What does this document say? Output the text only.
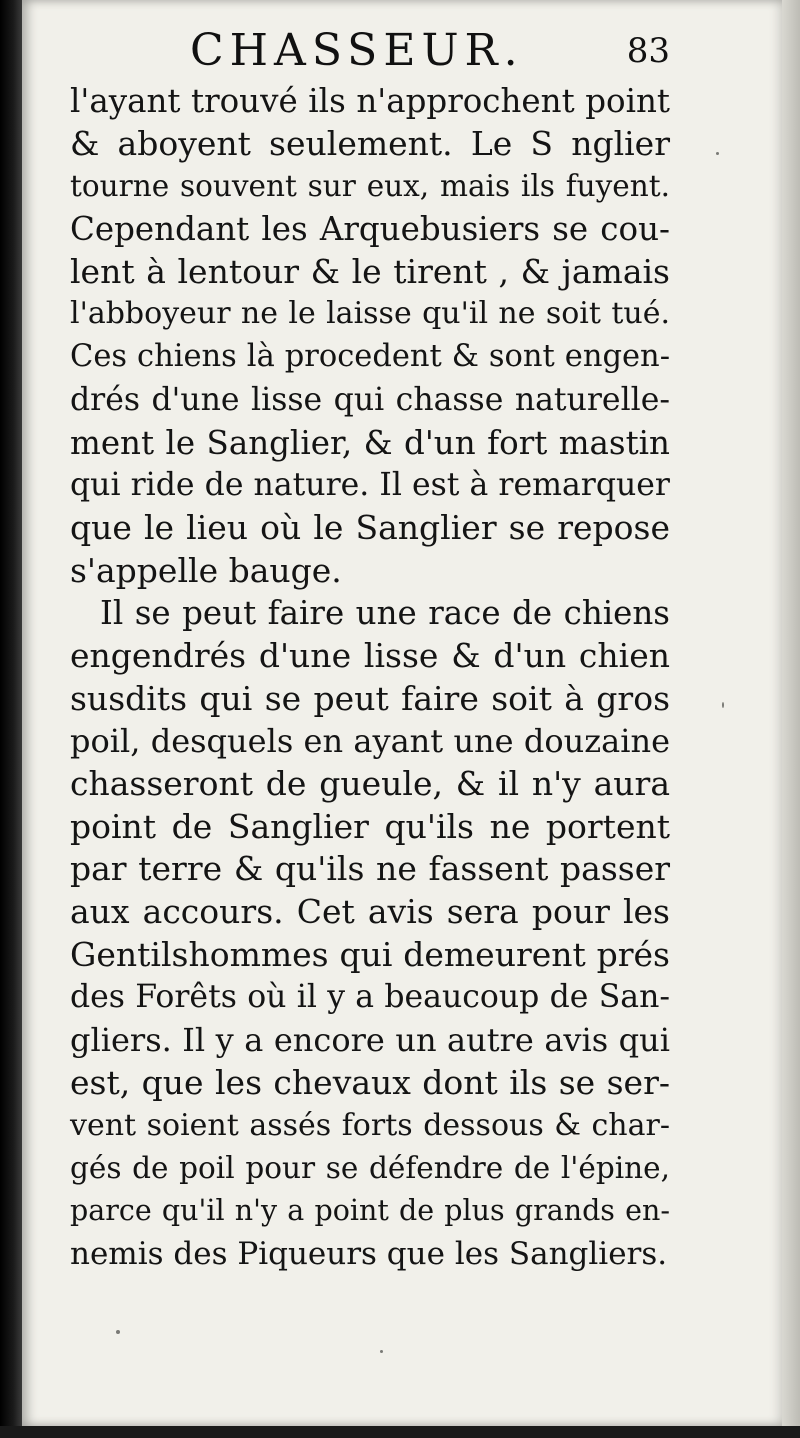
CHASSEUR.	83
l'ayant trouvé ils n'approchent point
& aboyent seulement. Le S nglier
tourne souvent sur eux, mais ils fuyent.
Cependant les Arquebusiers se cou-
lent à lentour & le tirent , & jamais
l'abboyeur ne le laisse qu'il ne soit tué.
Ces chiens là procedent & sont engen-
drés d'une lisse qui chasse naturelle-
ment le Sanglier, & d'un fort mastin
qui ride de nature. Il est à remarquer
que le lieu où le Sanglier se repose
s'appelle bauge.
Il se peut faire une race de chiens
engendrés d'une lisse & d'un chien
susdits qui se peut faire soit à gros
poil, desquels en ayant une douzaine
chasseront de gueule, & il n'y aura
point de Sanglier qu'ils ne portent
par terre & qu'ils ne fassent passer
aux accours. Cet avis sera pour les
Gentilshommes qui demeurent prés
des Forêts où il y a beaucoup de San-
gliers. Il y a encore un autre avis qui
est, que les chevaux dont ils se ser-
vent soient assés forts dessous & char-
gés de poil pour se défendre de l'épine,
parce qu'il n'y a point de plus grands en-
nemis des Piqueurs que les Sangliers.
